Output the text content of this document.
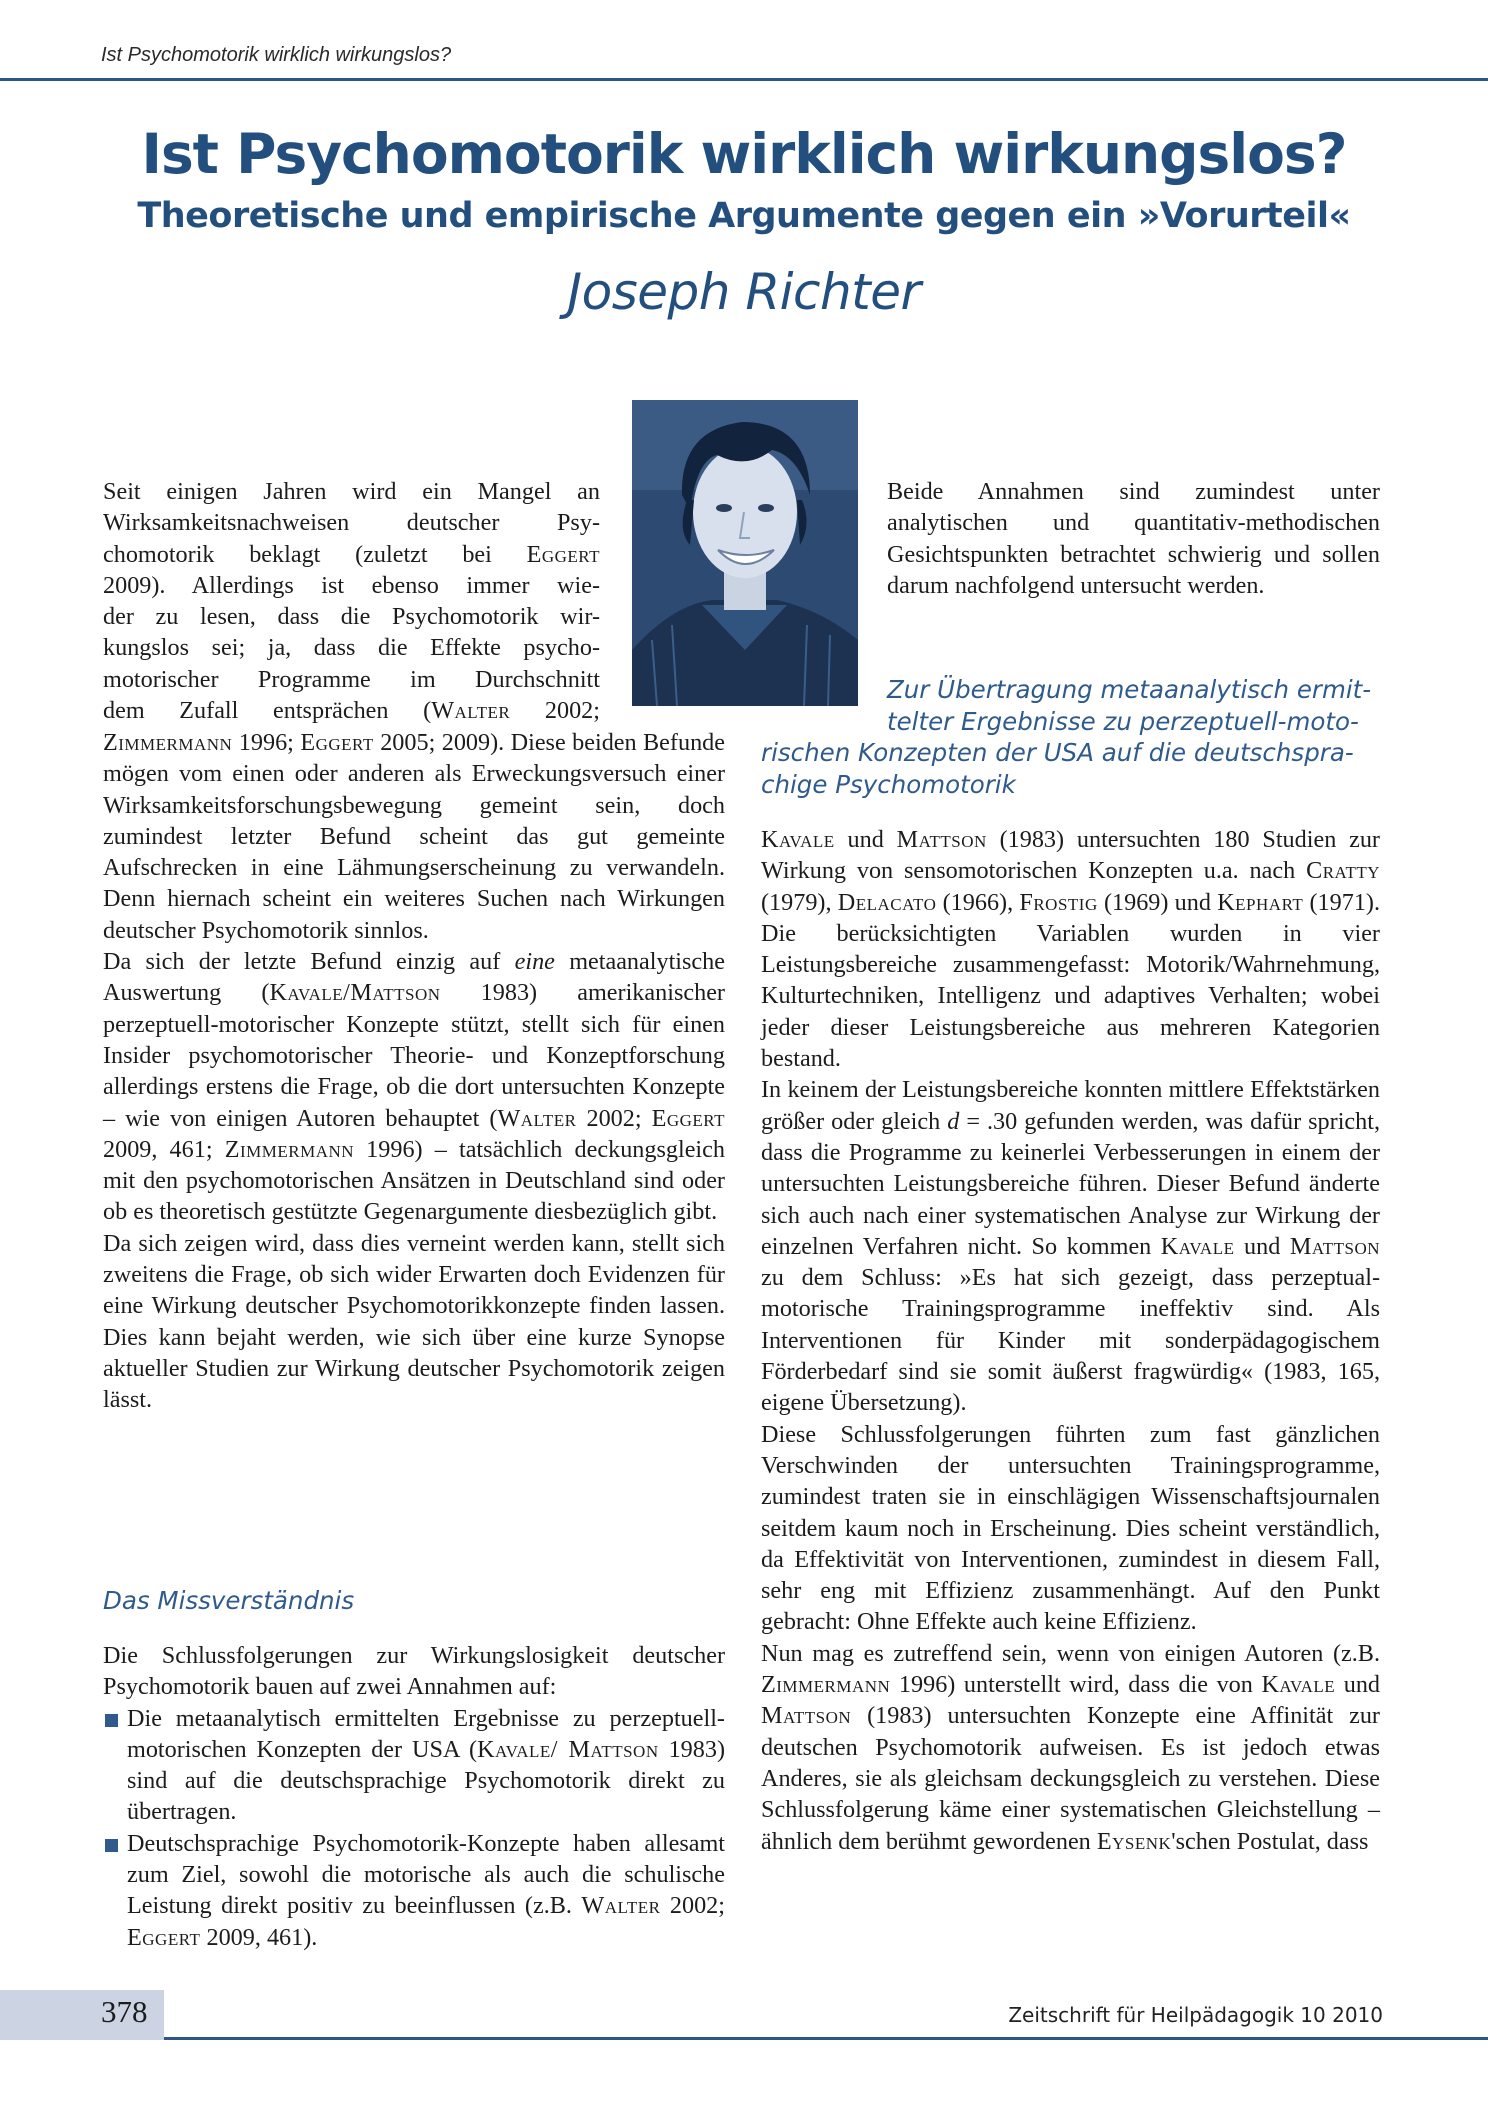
Ist Psychomotorik wirklich wirkungslos?
Ist Psychomotorik wirklich wirkungslos?
Theoretische und empirische Argumente gegen ein »Vorurteil«
Joseph Richter

Seit einigen Jahren wird ein Mangel an

Wirksamkeitsnachweisen deutscher Psy-

chomotorik beklagt (zuletzt bei Eggert

2009). Allerdings ist ebenso immer wie-

der zu lesen, dass die Psychomotorik wir-

kungslos sei; ja, dass die Effekte psycho-

motorischer Programme im Durchschnitt

dem Zufall entsprächen (Walter 2002;

Zimmermann 1996; Eggert 2005; 2009). Diese beiden Befunde mögen vom einen oder anderen als Erweckungsversuch einer Wirksamkeitsforschungsbewegung gemeint sein, doch zumindest letzter Befund scheint das gut gemeinte Aufschrecken in eine Lähmungserscheinung zu verwandeln. Denn hiernach scheint ein weiteres Suchen nach Wirkungen deutscher Psychomotorik sinnlos.

Da sich der letzte Befund einzig auf eine metaanalytische Auswertung (Kavale/Mattson 1983) amerikanischer perzeptuell-motorischer Konzepte stützt, stellt sich für einen Insider psychomotorischer Theorie- und Konzeptforschung allerdings erstens die Frage, ob die dort untersuchten Konzepte – wie von einigen Autoren behauptet (Walter 2002; Eggert 2009, 461; Zimmermann 1996) – tatsächlich deckungsgleich mit den psychomotorischen Ansätzen in Deutschland sind oder ob es theoretisch gestützte Gegenargumente diesbezüglich gibt.

Da sich zeigen wird, dass dies verneint werden kann, stellt sich zweitens die Frage, ob sich wider Erwarten doch Evidenzen für eine Wirkung deutscher Psychomotorikkonzepte finden lassen. Dies kann bejaht werden, wie sich über eine kurze Synopse aktueller Studien zur Wirkung deutscher Psychomotorik zeigen lässt.

Das Missverständnis

Die Schlussfolgerungen zur Wirkungslosigkeit deutscher Psychomotorik bauen auf zwei Annahmen auf:

Die metaanalytisch ermittelten Ergebnisse zu perzeptuell-motorischen Konzepten der USA (Kavale/ Mattson 1983) sind auf die deutschsprachige Psychomotorik direkt zu übertragen.

Deutschsprachige Psychomotorik-Konzepte haben allesamt zum Ziel, sowohl die motorische als auch die schulische Leistung direkt positiv zu beeinflussen (z.B. Walter 2002; Eggert 2009, 461).

Beide Annahmen sind zumindest unter analytischen und quantitativ-methodischen Gesichtspunkten betrachtet schwierig und sollen darum nachfolgend untersucht werden.

Zur Übertragung metaanalytisch ermit-
telter Ergebnisse zu perzeptuell-moto-
rischen Konzepten der USA auf die deutschspra-
chige Psychomotorik

Kavale und Mattson (1983) untersuchten 180 Studien zur Wirkung von sensomotorischen Konzepten u.a. nach Cratty (1979), Delacato (1966), Frostig (1969) und Kephart (1971). Die berücksichtigten Variablen wurden in vier Leistungsbereiche zusammengefasst: Motorik/Wahrnehmung, Kulturtechniken, Intelligenz und adaptives Verhalten; wobei jeder dieser Leistungsbereiche aus mehreren Kategorien bestand.

In keinem der Leistungsbereiche konnten mittlere Effektstärken größer oder gleich d = .30 gefunden werden, was dafür spricht, dass die Programme zu keinerlei Verbesserungen in einem der untersuchten Leistungsbereiche führen. Dieser Befund änderte sich auch nach einer systematischen Analyse zur Wirkung der einzelnen Verfahren nicht. So kommen Kavale und Mattson zu dem Schluss: »Es hat sich gezeigt, dass perzeptual-motorische Trainingsprogramme ineffektiv sind. Als Interventionen für Kinder mit sonderpädagogischem Förderbedarf sind sie somit äußerst fragwürdig« (1983, 165, eigene Übersetzung).

Diese Schlussfolgerungen führten zum fast gänzlichen Verschwinden der untersuchten Trainingsprogramme, zumindest traten sie in einschlägigen Wissenschaftsjournalen seitdem kaum noch in Erscheinung. Dies scheint verständlich, da Effektivität von Interventionen, zumindest in diesem Fall, sehr eng mit Effizienz zusammenhängt. Auf den Punkt gebracht: Ohne Effekte auch keine Effizienz.

Nun mag es zutreffend sein, wenn von einigen Autoren (z.B. Zimmermann 1996) unterstellt wird, dass die von Kavale und Mattson (1983) untersuchten Konzepte eine Affinität zur deutschen Psychomotorik aufweisen. Es ist jedoch etwas Anderes, sie als gleichsam deckungsgleich zu verstehen. Diese Schlussfolgerung käme einer systematischen Gleichstellung – ähnlich dem berühmt gewordenen Eysenk'schen Postulat, dass

378	Zeitschrift für Heilpädagogik 10 2010
